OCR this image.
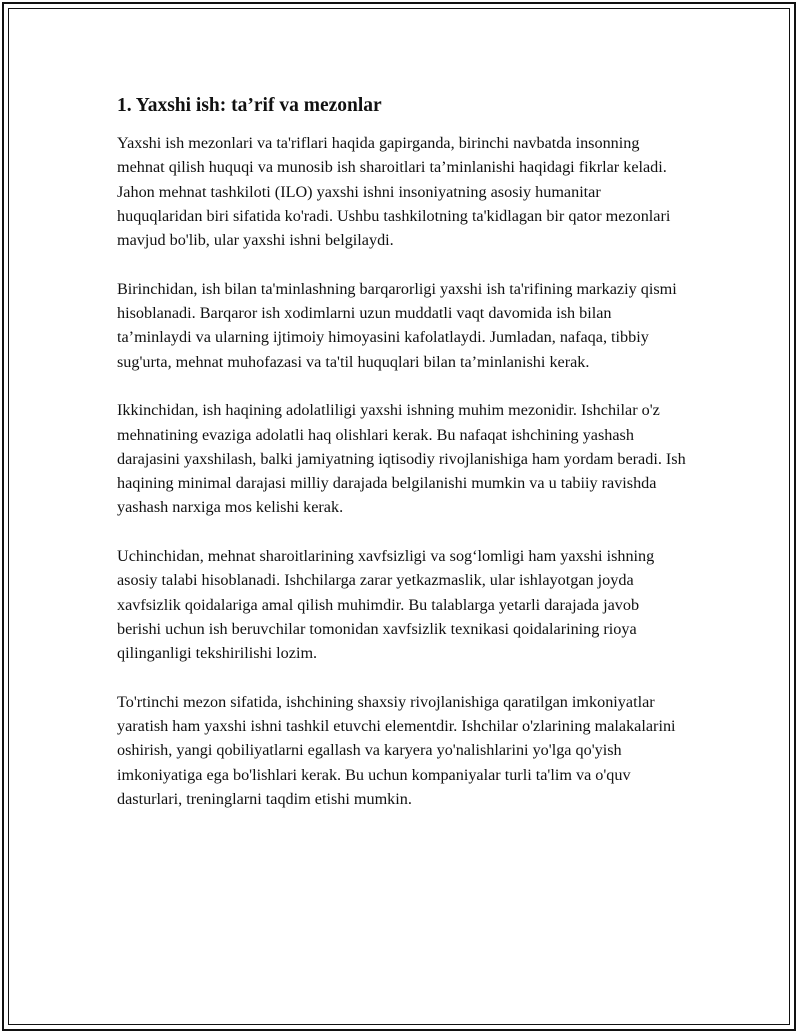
1. Yaxshi ish: ta’rif va mezonlar

Yaxshi ish mezonlari va ta'riflari haqida gapirganda, birinchi navbatda insonning mehnat qilish huquqi va munosib ish sharoitlari ta’minlanishi haqidagi fikrlar keladi. Jahon mehnat tashkiloti (ILO) yaxshi ishni insoniyatning asosiy humanitar huquqlaridan biri sifatida ko'radi. Ushbu tashkilotning ta'kidlagan bir qator mezonlari mavjud bo'lib, ular yaxshi ishni belgilaydi.

Birinchidan, ish bilan ta'minlashning barqarorligi yaxshi ish ta'rifining markaziy qismi hisoblanadi. Barqaror ish xodimlarni uzun muddatli vaqt davomida ish bilan ta’minlaydi va ularning ijtimoiy himoyasini kafolatlaydi. Jumladan, nafaqa, tibbiy sug'urta, mehnat muhofazasi va ta'til huquqlari bilan ta’minlanishi kerak.

Ikkinchidan, ish haqining adolatliligi yaxshi ishning muhim mezonidir. Ishchilar o'z mehnatining evaziga adolatli haq olishlari kerak. Bu nafaqat ishchining yashash darajasini yaxshilash, balki jamiyatning iqtisodiy rivojlanishiga ham yordam beradi. Ish haqining minimal darajasi milliy darajada belgilanishi mumkin va u tabiiy ravishda yashash narxiga mos kelishi kerak.

Uchinchidan, mehnat sharoitlarining xavfsizligi va sog‘lomligi ham yaxshi ishning asosiy talabi hisoblanadi. Ishchilarga zarar yetkazmaslik, ular ishlayotgan joyda xavfsizlik qoidalariga amal qilish muhimdir. Bu talablarga yetarli darajada javob berishi uchun ish beruvchilar tomonidan xavfsizlik texnikasi qoidalarining rioya qilinganligi tekshirilishi lozim.

To'rtinchi mezon sifatida, ishchining shaxsiy rivojlanishiga qaratilgan imkoniyatlar yaratish ham yaxshi ishni tashkil etuvchi elementdir. Ishchilar o'zlarining malakalarini oshirish, yangi qobiliyatlarni egallash va karyera yo'nalishlarini yo'lga qo'yish imkoniyatiga ega bo'lishlari kerak. Bu uchun kompaniyalar turli ta'lim va o'quv dasturlari, treninglarni taqdim etishi mumkin.
